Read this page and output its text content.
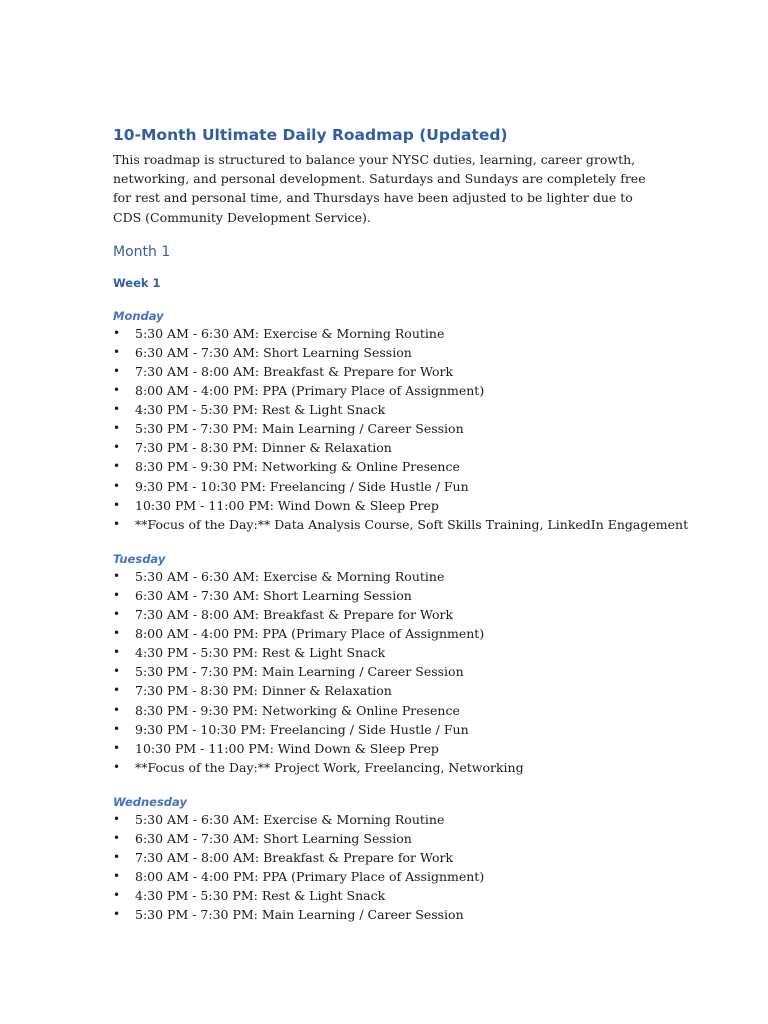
10-Month Ultimate Daily Roadmap (Updated)

This roadmap is structured to balance your NYSC duties, learning, career growth, networking, and personal development. Saturdays and Sundays are completely free for rest and personal time, and Thursdays have been adjusted to be lighter due to CDS (Community Development Service).

Month 1
Week 1
Monday
• 5:30 AM - 6:30 AM: Exercise & Morning Routine
• 6:30 AM - 7:30 AM: Short Learning Session
• 7:30 AM - 8:00 AM: Breakfast & Prepare for Work
• 8:00 AM - 4:00 PM: PPA (Primary Place of Assignment)
• 4:30 PM - 5:30 PM: Rest & Light Snack
• 5:30 PM - 7:30 PM: Main Learning / Career Session
• 7:30 PM - 8:30 PM: Dinner & Relaxation
• 8:30 PM - 9:30 PM: Networking & Online Presence
• 9:30 PM - 10:30 PM: Freelancing / Side Hustle / Fun
• 10:30 PM - 11:00 PM: Wind Down & Sleep Prep
• **Focus of the Day:** Data Analysis Course, Soft Skills Training, LinkedIn Engagement
Tuesday
• 5:30 AM - 6:30 AM: Exercise & Morning Routine
• 6:30 AM - 7:30 AM: Short Learning Session
• 7:30 AM - 8:00 AM: Breakfast & Prepare for Work
• 8:00 AM - 4:00 PM: PPA (Primary Place of Assignment)
• 4:30 PM - 5:30 PM: Rest & Light Snack
• 5:30 PM - 7:30 PM: Main Learning / Career Session
• 7:30 PM - 8:30 PM: Dinner & Relaxation
• 8:30 PM - 9:30 PM: Networking & Online Presence
• 9:30 PM - 10:30 PM: Freelancing / Side Hustle / Fun
• 10:30 PM - 11:00 PM: Wind Down & Sleep Prep
• **Focus of the Day:** Project Work, Freelancing, Networking
Wednesday
• 5:30 AM - 6:30 AM: Exercise & Morning Routine
• 6:30 AM - 7:30 AM: Short Learning Session
• 7:30 AM - 8:00 AM: Breakfast & Prepare for Work
• 8:00 AM - 4:00 PM: PPA (Primary Place of Assignment)
• 4:30 PM - 5:30 PM: Rest & Light Snack
• 5:30 PM - 7:30 PM: Main Learning / Career Session
